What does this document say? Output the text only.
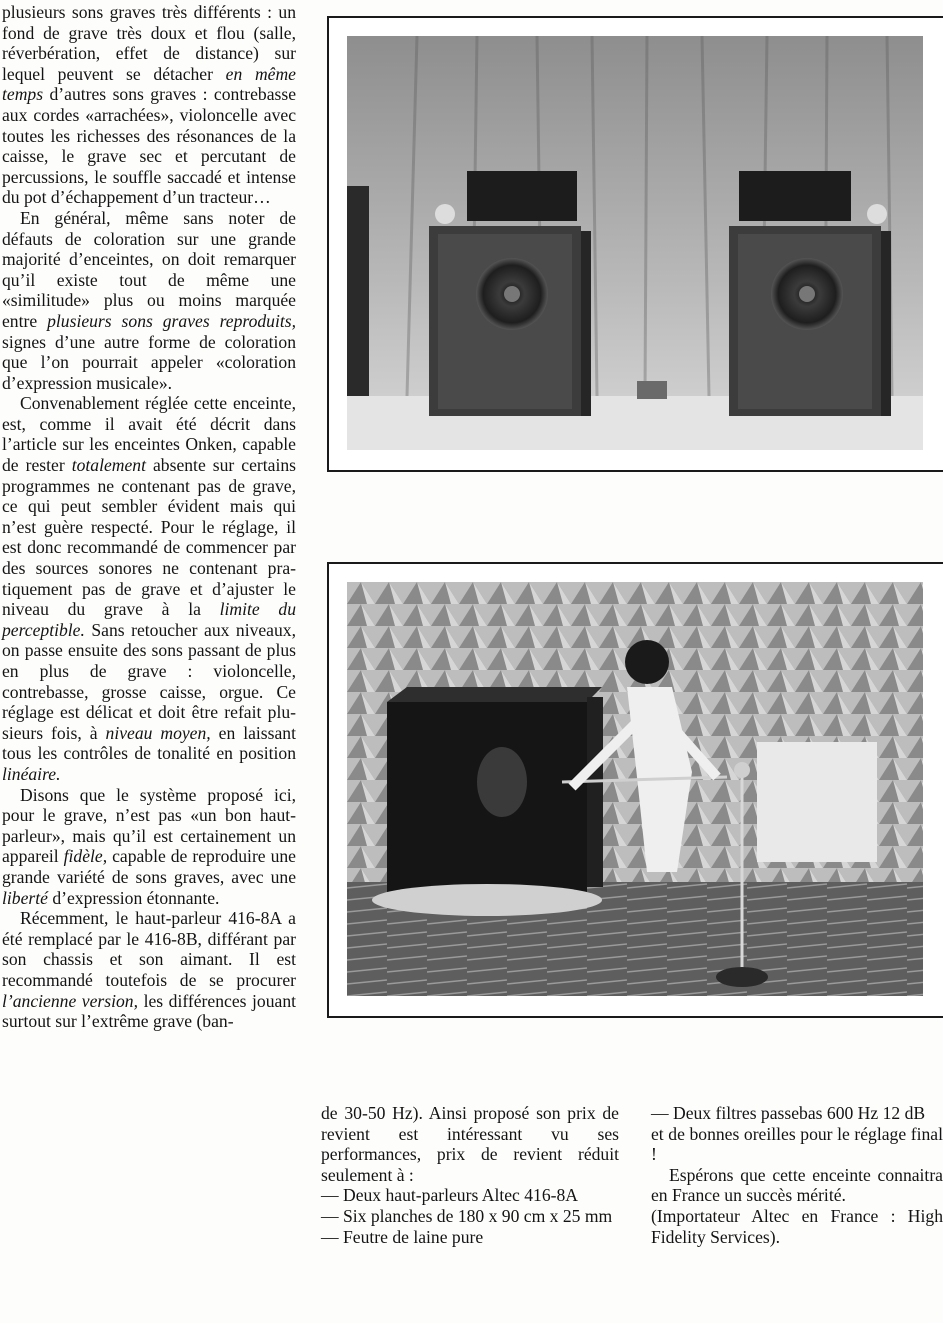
plusieurs sons graves très différents : un fond de grave très doux et flou (salle, réverbération, effet de distance) sur lequel peuvent se détacher en même temps d’autres sons graves : contrebasse aux cordes «arrachées», violoncelle avec toutes les richesses des résonances de la caisse, le grave sec et percutant de percussions, le souffle saccadé et intense du pot d’échappement d’un tracteur…

En général, même sans noter de défauts de coloration sur une grande majorité d’enceintes, on doit remarquer qu’il existe tout de même une «similitude» plus ou moins marquée entre plusieurs sons graves reproduits, signes d’une autre forme de coloration que l’on pourrait appeler «coloration d’expression musicale».

Convenablement réglée cette enceinte, est, comme il avait été décrit dans l’article sur les enceintes Onken, capable de rester totalement absente sur certains programmes ne contenant pas de grave, ce qui peut sembler évident mais qui n’est guère respecté. Pour le réglage, il est donc recommandé de commencer par des sources sonores ne contenant pratiquement pas de grave et d’ajuster le niveau du grave à la limite du perceptible. Sans retoucher aux niveaux, on passe ensuite des sons passant de plus en plus de grave : violoncelle, contrebasse, grosse caisse, orgue. Ce réglage est délicat et doit être refait plusieurs fois, à niveau moyen, en laissant tous les contrôles de tonalité en position linéaire.

Disons que le système proposé ici, pour le grave, n’est pas «un bon haut-parleur», mais qu’il est certainement un appareil fidèle, capable de reproduire une grande variété de sons graves, avec une liberté d’expression étonnante.

Récemment, le haut-parleur 416-8A a été remplacé par le 416-8B, différant par son chassis et son aimant. Il est recommandé toutefois de se procurer l’ancienne version, les différences jouant surtout sur l’extrême grave (ban-

de 30-50 Hz). Ainsi proposé son prix de revient est intéressant vu ses performances, prix de revient réduit seulement à :

— Deux haut-parleurs Altec 416-8A

— Six planches de 180 x 90 cm x 25 mm

— Feutre de laine pure

— Deux filtres passebas 600 Hz 12 dB

et de bonnes oreilles pour le réglage final !

Espérons que cette enceinte connaitra en France un succès mérité.

(Importateur Altec en France : High Fidelity Services).
